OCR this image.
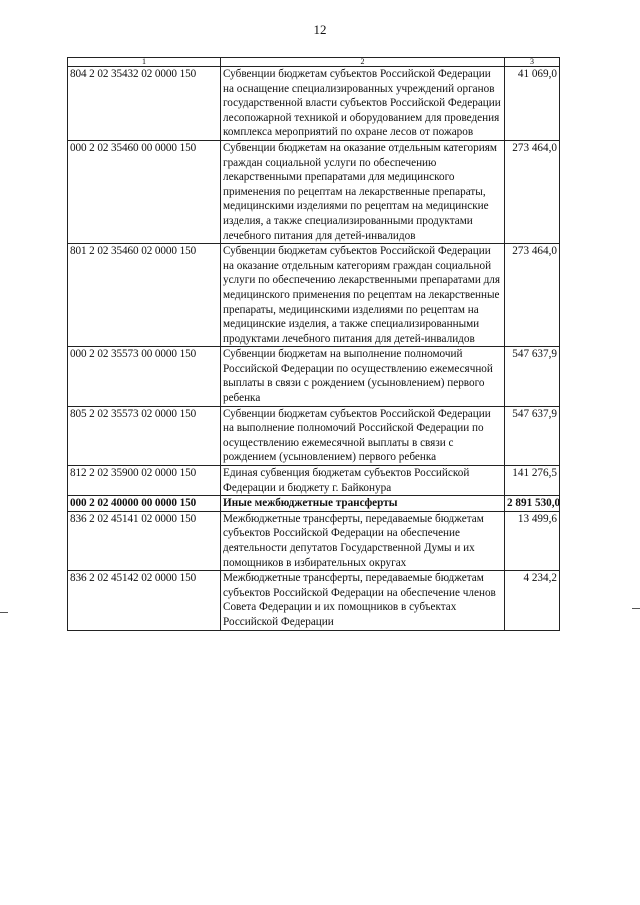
12
1	2	3
804 2 02 35432 02 0000 150	Субвенции бюджетам субъектов Российской Федерации на оснащение специализированных учреждений органов государственной власти субъектов Российской Федерации лесопожарной техникой и оборудованием для проведения комплекса мероприятий по охране лесов от пожаров	41 069,0
000 2 02 35460 00 0000 150	Субвенции бюджетам на оказание отдельным категориям граждан социальной услуги по обеспечению лекарственными препаратами для медицинского применения по рецептам на лекарственные препараты, медицинскими изделиями по рецептам на медицинские изделия, а также специализированными продуктами лечебного питания для детей-инвалидов	273 464,0
801 2 02 35460 02 0000 150	Субвенции бюджетам субъектов Российской Федерации на оказание отдельным категориям граждан социальной услуги по обеспечению лекарственными препаратами для медицинского применения по рецептам на лекарственные препараты, медицинскими изделиями по рецептам на медицинские изделия, а также специализированными продуктами лечебного питания для детей-инвалидов	273 464,0
000 2 02 35573 00 0000 150	Субвенции бюджетам на выполнение полномочий Российской Федерации по осуществлению ежемесячной выплаты в связи с рождением (усыновлением) первого ребенка	547 637,9
805 2 02 35573 02 0000 150	Субвенции бюджетам субъектов Российской Федерации на выполнение полномочий Российской Федерации по осуществлению ежемесячной выплаты в связи с рождением (усыновлением) первого ребенка	547 637,9
812 2 02 35900 02 0000 150	Единая субвенция бюджетам субъектов Российской Федерации и бюджету г. Байконура	141 276,5
000 2 02 40000 00 0000 150	Иные межбюджетные трансферты	2 891 530,0
836 2 02 45141 02 0000 150	Межбюджетные трансферты, передаваемые бюджетам субъектов Российской Федерации на обеспечение деятельности депутатов Государственной Думы и их помощников в избирательных округах	13 499,6
836 2 02 45142 02 0000 150	Межбюджетные трансферты, передаваемые бюджетам субъектов Российской Федерации на обеспечение членов Совета Федерации и их помощников в субъектах Российской Федерации	4 234,2
